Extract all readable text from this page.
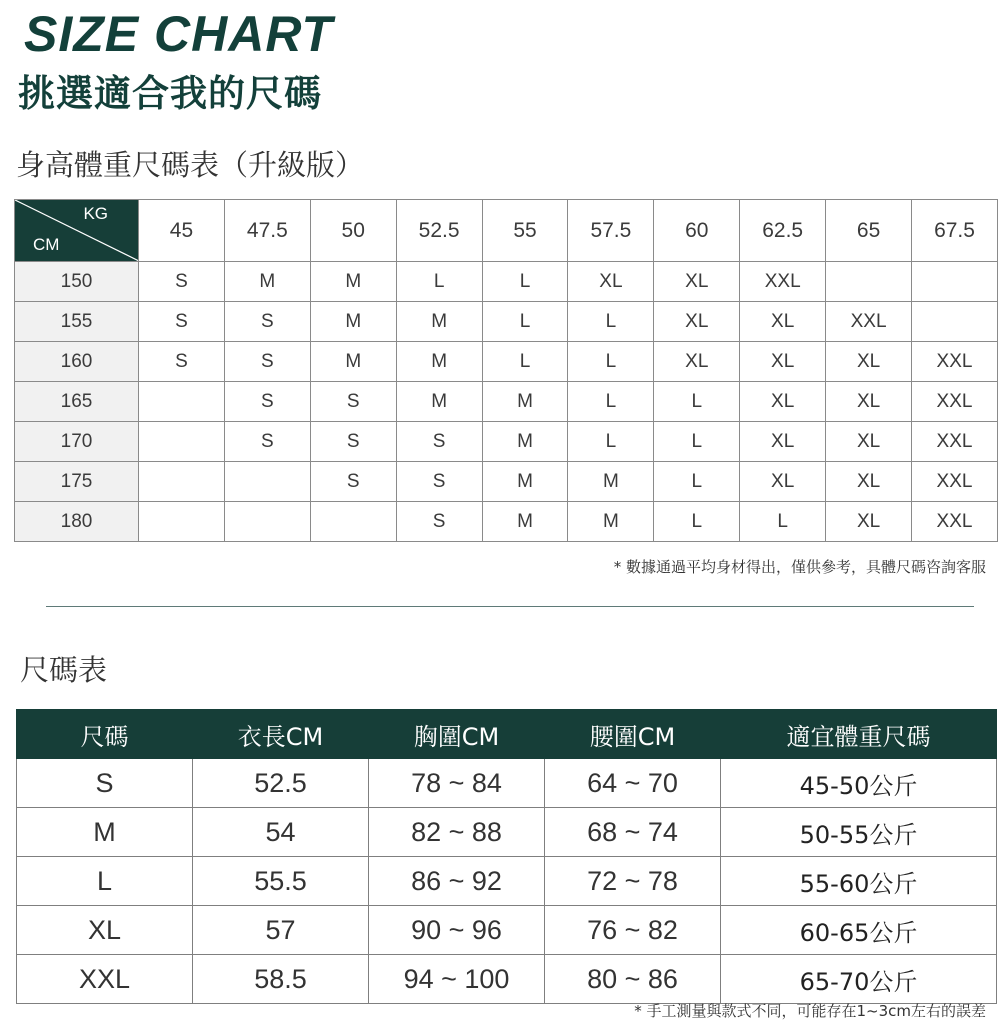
SIZE CHART
挑選適合我的尺碼
身高體重尺碼表（升級版）
KG
CM	45	47.5	50	52.5	55	57.5	60	62.5	65	67.5
150	S	M	M	L	L	XL	XL	XXL		
155	S	S	M	M	L	L	XL	XL	XXL	
160	S	S	M	M	L	L	XL	XL	XL	XXL
165		S	S	M	M	L	L	XL	XL	XXL
170		S	S	S	M	L	L	XL	XL	XXL
175			S	S	M	M	L	XL	XL	XXL
180				S	M	M	L	L	XL	XXL

* 數據通過平均身材得出，僅供參考，具體尺碼咨詢客服

尺碼表
尺碼	衣長CM	胸圍CM	腰圍CM	適宜體重尺碼
S	52.5	78 ~ 84	64 ~ 70	45-50公斤
M	54	82 ~ 88	68 ~ 74	50-55公斤
L	55.5	86 ~ 92	72 ~ 78	55-60公斤
XL	57	90 ~ 96	76 ~ 82	60-65公斤
XXL	58.5	94 ~ 100	80 ~ 86	65-70公斤

* 手工測量與款式不同，可能存在1~3cm左右的誤差
